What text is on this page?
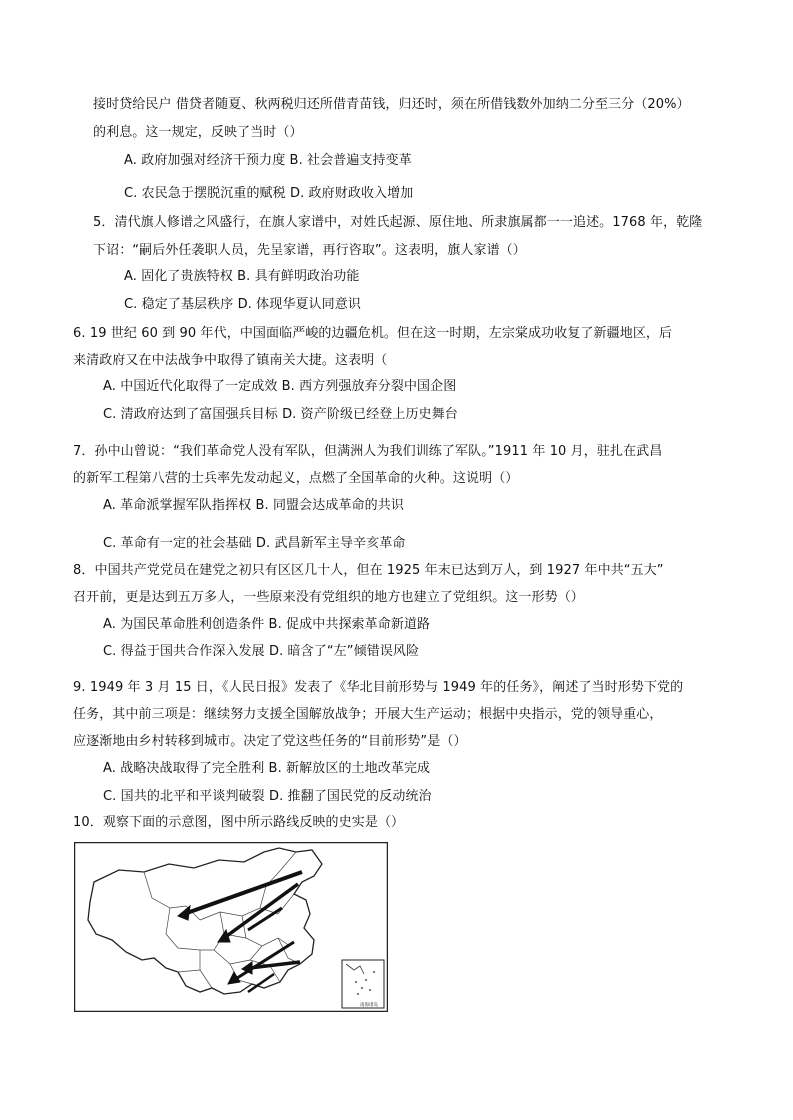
接时贷给民户 借贷者随夏、秋两税归还所借青苗钱，归还时，须在所借钱数外加纳二分至三分（20%）
的利息。这一规定，反映了当时（）
A. 政府加强对经济干预力度 B. 社会普遍支持变革
C. 农民急于摆脱沉重的赋税 D. 政府财政收入增加
5．清代旗人修谱之风盛行，在旗人家谱中，对姓氏起源、原住地、所隶旗属都一一追述。1768 年，乾隆
下诏：“嗣后外任袭职人员，先呈家谱，再行咨取”。这表明，旗人家谱（）
A. 固化了贵族特权 B. 具有鲜明政治功能
C. 稳定了基层秩序 D. 体现华夏认同意识
6. 19 世纪 60 到 90 年代，中国面临严峻的边疆危机。但在这一时期，左宗棠成功收复了新疆地区，后
来清政府又在中法战争中取得了镇南关大捷。这表明（
A. 中国近代化取得了一定成效 B. 西方列强放弃分裂中国企图
C. 清政府达到了富国强兵目标 D. 资产阶级已经登上历史舞台
7．孙中山曾说：“我们革命党人没有军队，但满洲人为我们训练了军队。”1911 年 10 月，驻扎在武昌
的新军工程第八营的士兵率先发动起义，点燃了全国革命的火种。这说明（）
A. 革命派掌握军队指挥权 B. 同盟会达成革命的共识
C. 革命有一定的社会基础 D. 武昌新军主导辛亥革命
8．中国共产党党员在建党之初只有区区几十人，但在 1925 年末已达到万人，到 1927 年中共“五大”
召开前，更是达到五万多人，一些原来没有党组织的地方也建立了党组织。这一形势（）
A. 为国民革命胜利创造条件 B. 促成中共探索革命新道路
C. 得益于国共合作深入发展 D. 暗含了“左”倾错误风险
9. 1949 年 3 月 15 日，《人民日报》发表了《华北目前形势与 1949 年的任务》，阐述了当时形势下党的
任务，其中前三项是：继续努力支援全国解放战争；开展大生产运动；根据中央指示，党的领导重心，
应逐渐地由乡村转移到城市。决定了党这些任务的“目前形势”是（）
A. 战略决战取得了完全胜利 B. 新解放区的土地改革完成
C. 国共的北平和平谈判破裂 D. 推翻了国民党的反动统治
10．观察下面的示意图，图中所示路线反映的史实是（）
南海诸岛
